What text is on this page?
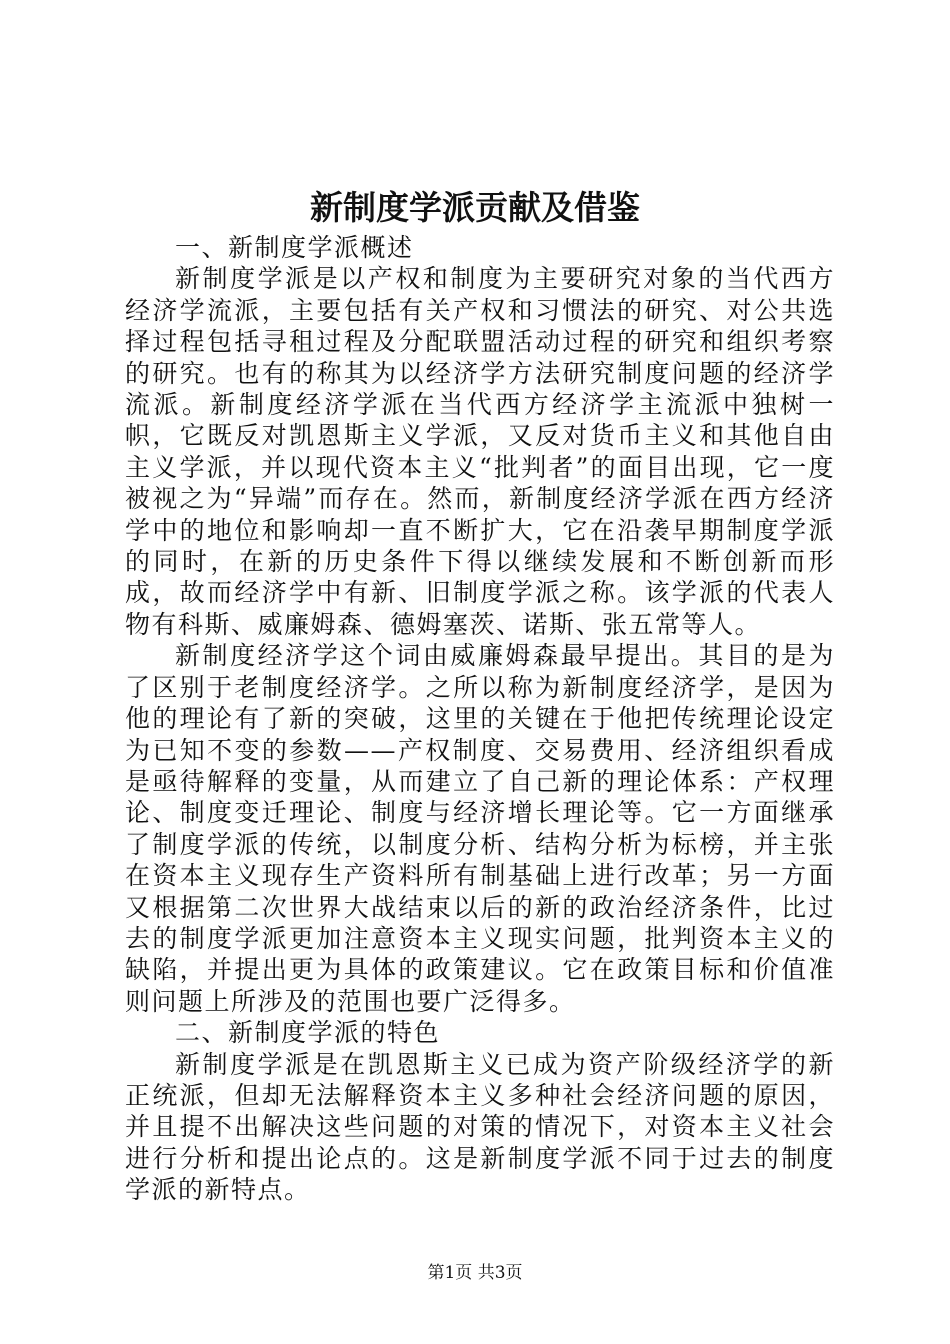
新制度学派贡献及借鉴

一、新制度学派概述

新制度学派是以产权和制度为主要研究对象的当代西方经济学流派，主要包括有关产权和习惯法的研究、对公共选择过程包括寻租过程及分配联盟活动过程的研究和组织考察的研究。也有的称其为以经济学方法研究制度问题的经济学流派。新制度经济学派在当代西方经济学主流派中独树一帜，它既反对凯恩斯主义学派，又反对货币主义和其他自由主义学派，并以现代资本主义“批判者”的面目出现，它一度被视之为“异端”而存在。然而，新制度经济学派在西方经济学中的地位和影响却一直不断扩大，它在沿袭早期制度学派的同时，在新的历史条件下得以继续发展和不断创新而形成，故而经济学中有新、旧制度学派之称。该学派的代表人物有科斯、威廉姆森、德姆塞茨、诺斯、张五常等人。

新制度经济学这个词由威廉姆森最早提出。其目的是为了区别于老制度经济学。之所以称为新制度经济学，是因为他的理论有了新的突破，这里的关键在于他把传统理论设定为已知不变的参数——产权制度、交易费用、经济组织看成是亟待解释的变量，从而建立了自己新的理论体系：产权理论、制度变迁理论、制度与经济增长理论等。它一方面继承了制度学派的传统，以制度分析、结构分析为标榜，并主张在资本主义现存生产资料所有制基础上进行改革；另一方面又根据第二次世界大战结束以后的新的政治经济条件，比过去的制度学派更加注意资本主义现实问题，批判资本主义的缺陷，并提出更为具体的政策建议。它在政策目标和价值准则问题上所涉及的范围也要广泛得多。

二、新制度学派的特色

新制度学派是在凯恩斯主义已成为资产阶级经济学的新正统派，但却无法解释资本主义多种社会经济问题的原因，并且提不出解决这些问题的对策的情况下，对资本主义社会进行分析和提出论点的。这是新制度学派不同于过去的制度学派的新特点。

第1页 共3页
